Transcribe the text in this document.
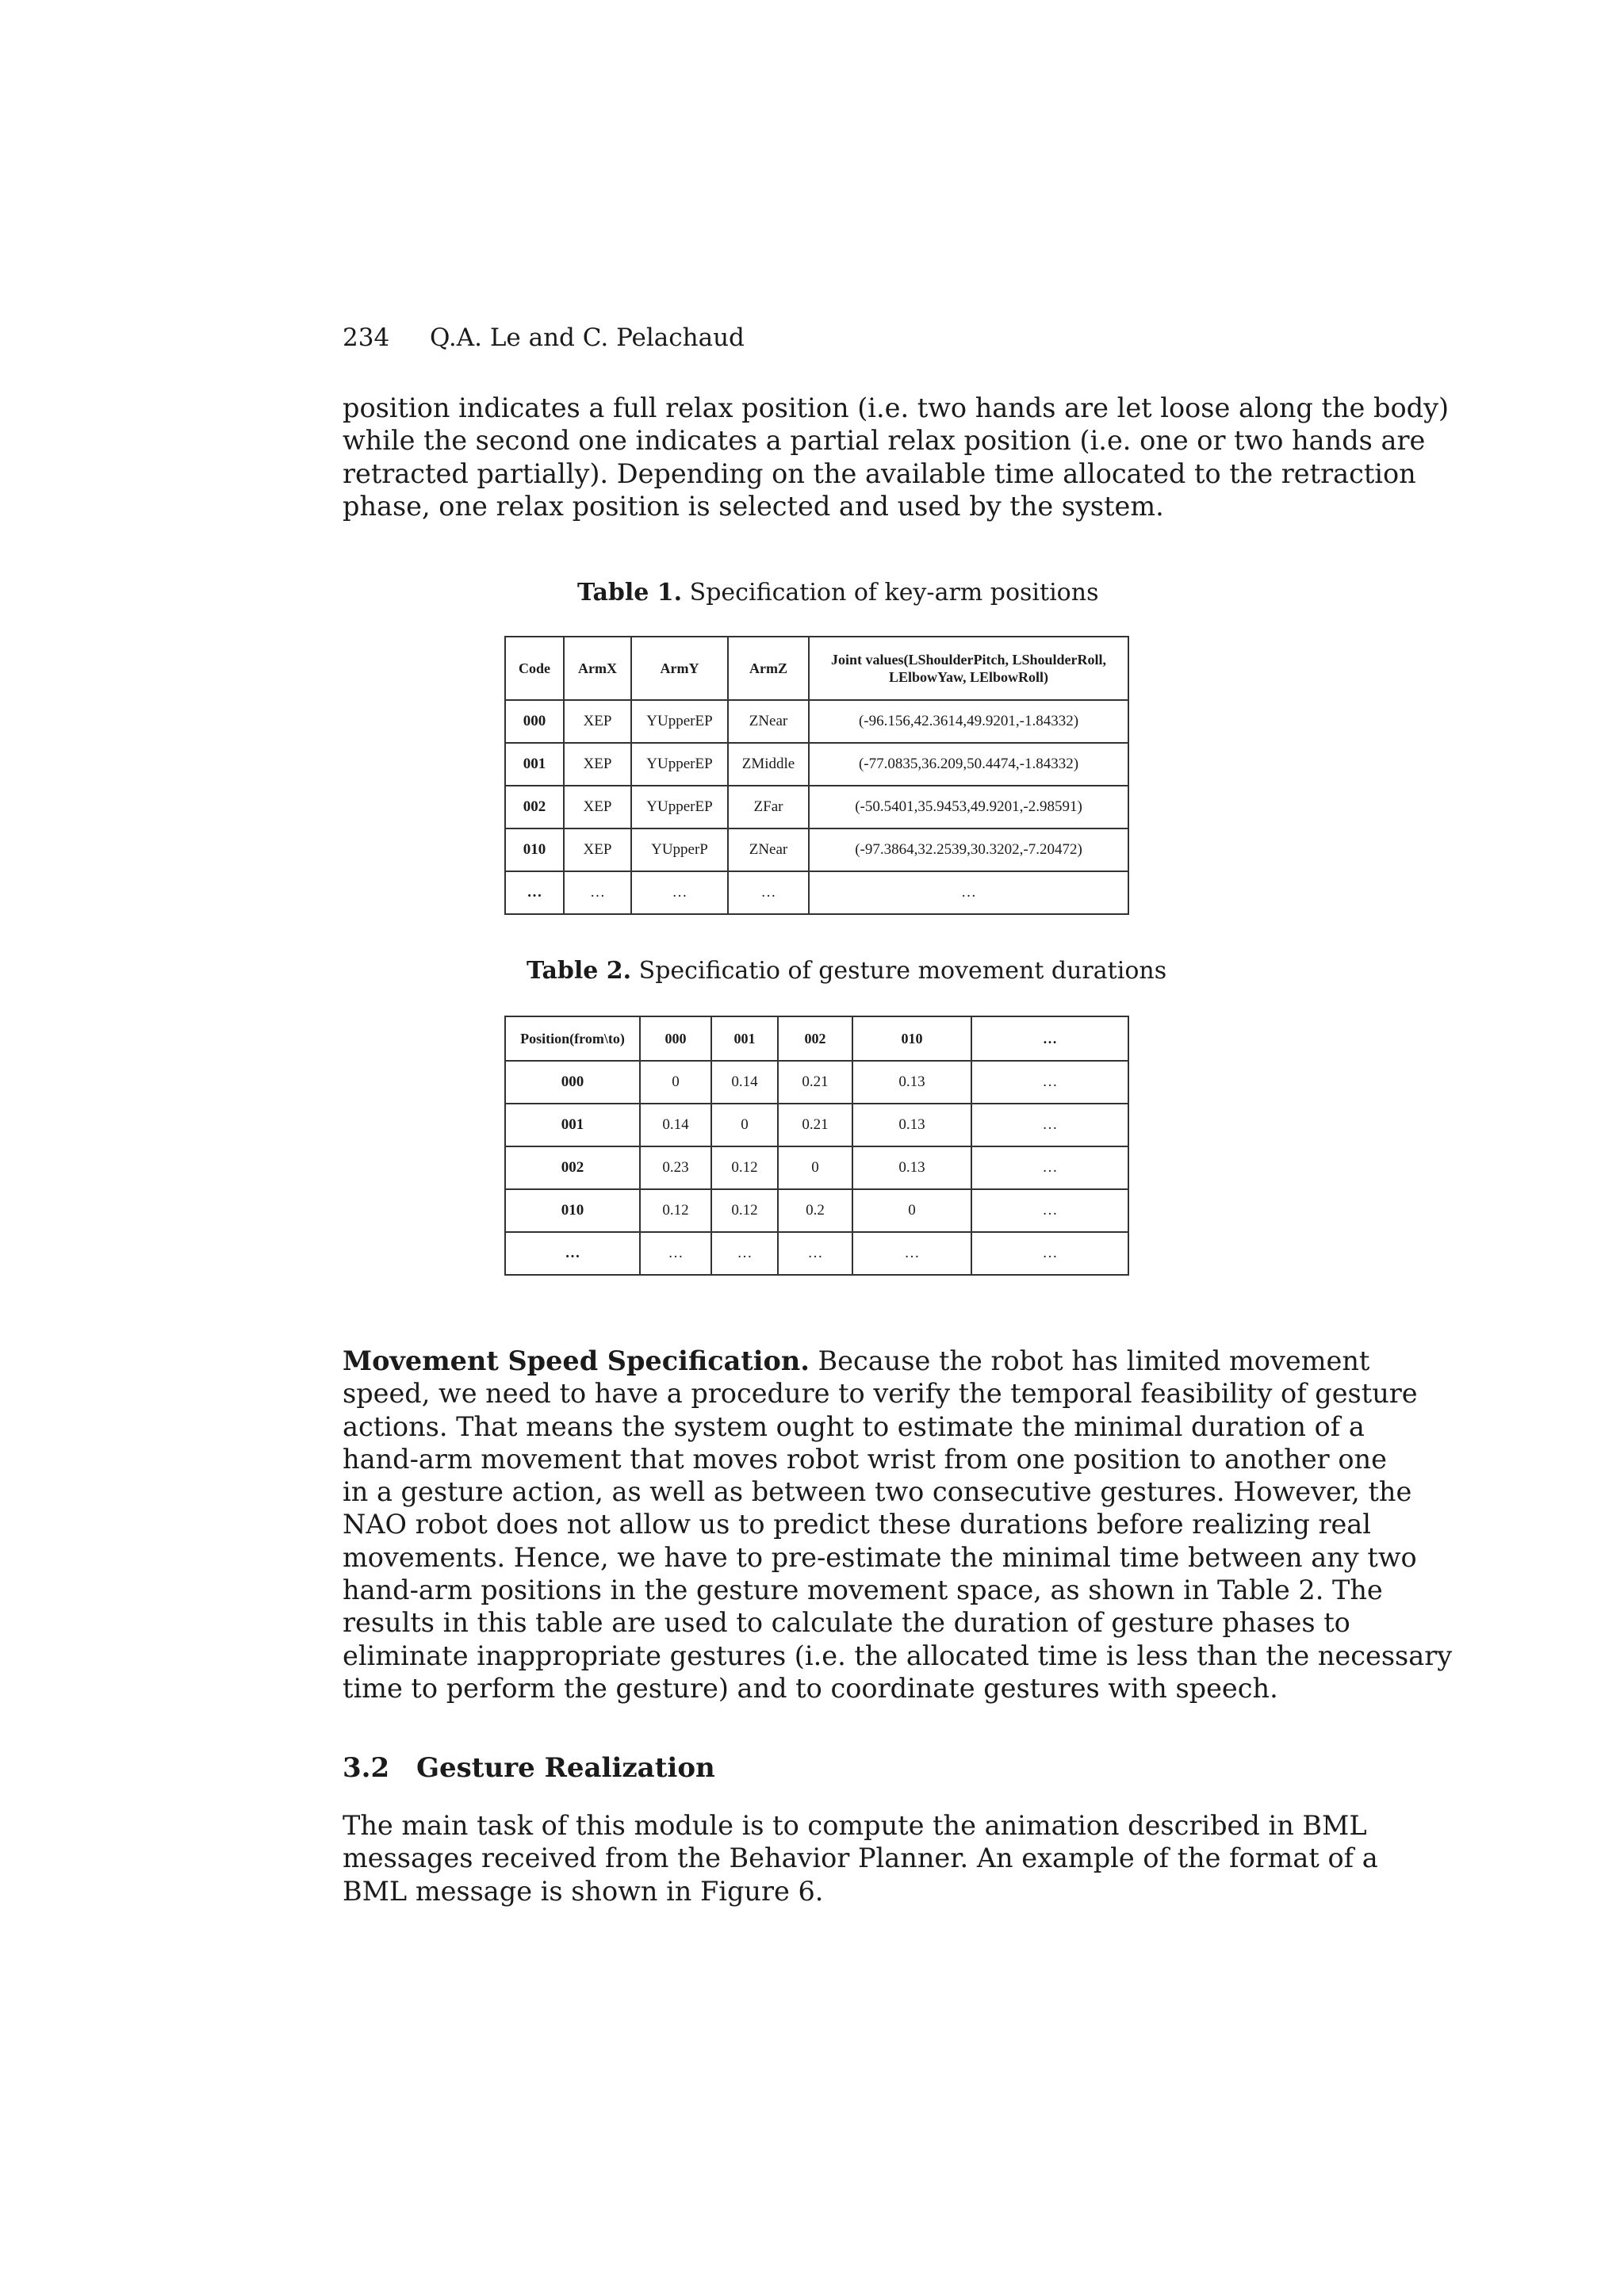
234 Q.A. Le and C. Pelachaud
position indicates a full relax position (i.e. two hands are let loose along the body)
while the second one indicates a partial relax position (i.e. one or two hands are
retracted partially). Depending on the available time allocated to the retraction
phase, one relax position is selected and used by the system.
Table 1. Specification of key-arm positions
Code	ArmX	ArmY	ArmZ	Joint values(LShoulderPitch, LShoulderRoll, LElbowYaw, LElbowRoll)
000	XEP	YUpperEP	ZNear	(-96.156,42.3614,49.9201,-1.84332)
001	XEP	YUpperEP	ZMiddle	(-77.0835,36.209,50.4474,-1.84332)
002	XEP	YUpperEP	ZFar	(-50.5401,35.9453,49.9201,-2.98591)
010	XEP	YUpperP	ZNear	(-97.3864,32.2539,30.3202,-7.20472)
…	…	…	…	…
Table 2. Specificatio of gesture movement durations
Position(from\to)	000	001	002	010	…
000	0	0.14	0.21	0.13	…
001	0.14	0	0.21	0.13	…
002	0.23	0.12	0	0.13	…
010	0.12	0.12	0.2	0	…
…	…	…	…	…	…
Movement Speed Specification. Because the robot has limited movement
speed, we need to have a procedure to verify the temporal feasibility of gesture
actions. That means the system ought to estimate the minimal duration of a
hand-arm movement that moves robot wrist from one position to another one
in a gesture action, as well as between two consecutive gestures. However, the
NAO robot does not allow us to predict these durations before realizing real
movements. Hence, we have to pre-estimate the minimal time between any two
hand-arm positions in the gesture movement space, as shown in Table 2. The
results in this table are used to calculate the duration of gesture phases to
eliminate inappropriate gestures (i.e. the allocated time is less than the necessary
time to perform the gesture) and to coordinate gestures with speech.
3.2 Gesture Realization
The main task of this module is to compute the animation described in BML
messages received from the Behavior Planner. An example of the format of a
BML message is shown in Figure 6.
